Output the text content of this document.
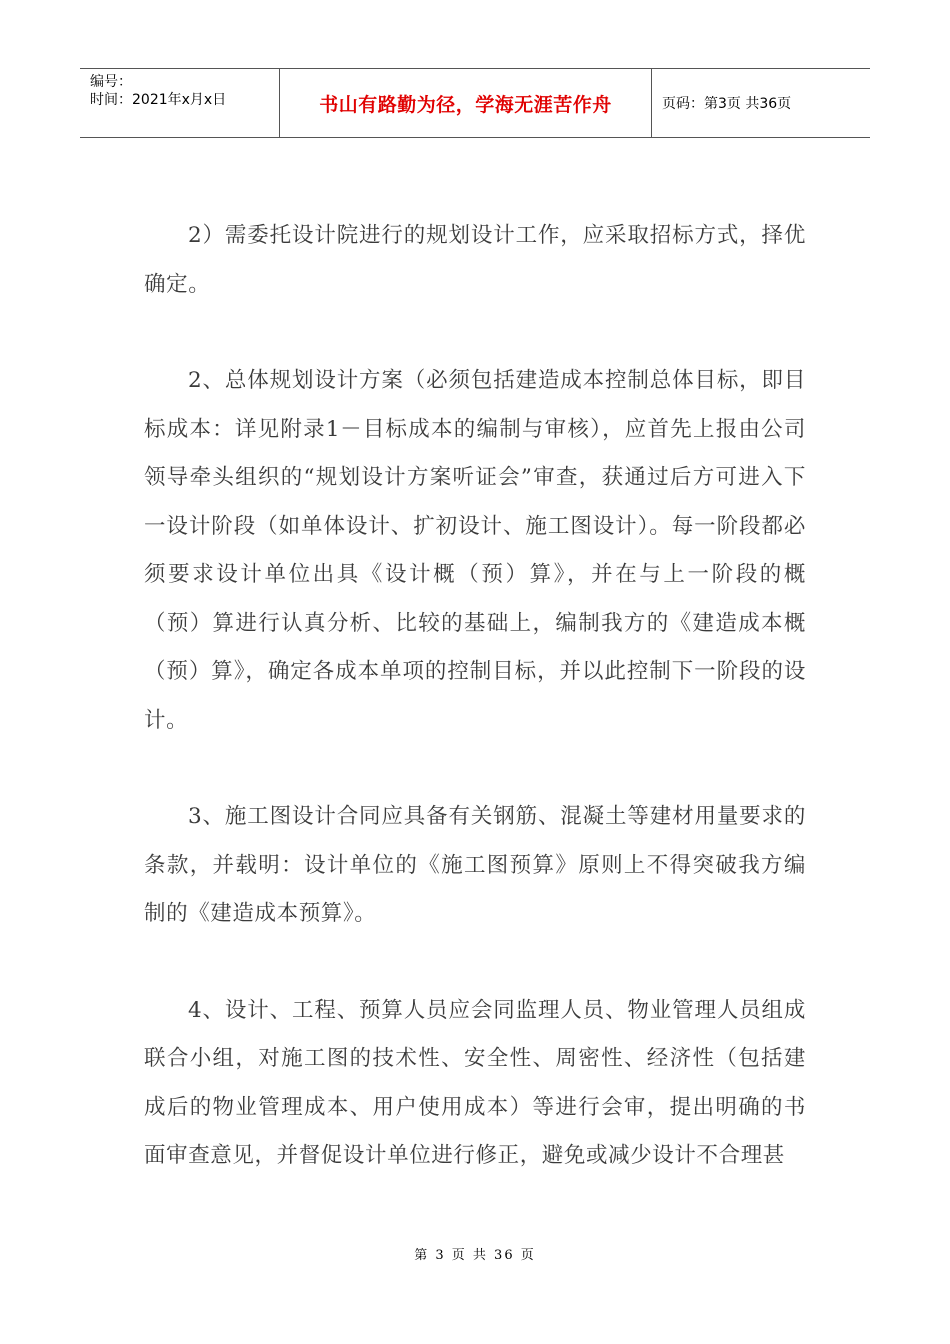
编号：
时间：2021年x月x日	书山有路勤为径，学海无涯苦作舟	页码：第3页 共36页

2）需委托设计院进行的规划设计工作，应采取招标方式，择优确定。

2、总体规划设计方案（必须包括建造成本控制总体目标，即目标成本：详见附录1－目标成本的编制与审核），应首先上报由公司领导牵头组织的“规划设计方案听证会”审查，获通过后方可进入下一设计阶段（如单体设计、扩初设计、施工图设计）。每一阶段都必须要求设计单位出具《设计概（预）算》，并在与上一阶段的概（预）算进行认真分析、比较的基础上，编制我方的《建造成本概（预）算》，确定各成本单项的控制目标，并以此控制下一阶段的设计。

3、施工图设计合同应具备有关钢筋、混凝土等建材用量要求的条款，并载明：设计单位的《施工图预算》原则上不得突破我方编制的《建造成本预算》。

4、设计、工程、预算人员应会同监理人员、物业管理人员组成联合小组，对施工图的技术性、安全性、周密性、经济性（包括建成后的物业管理成本、用户使用成本）等进行会审，提出明确的书面审查意见，并督促设计单位进行修正，避免或减少设计不合理甚

第 3 页 共 36 页
